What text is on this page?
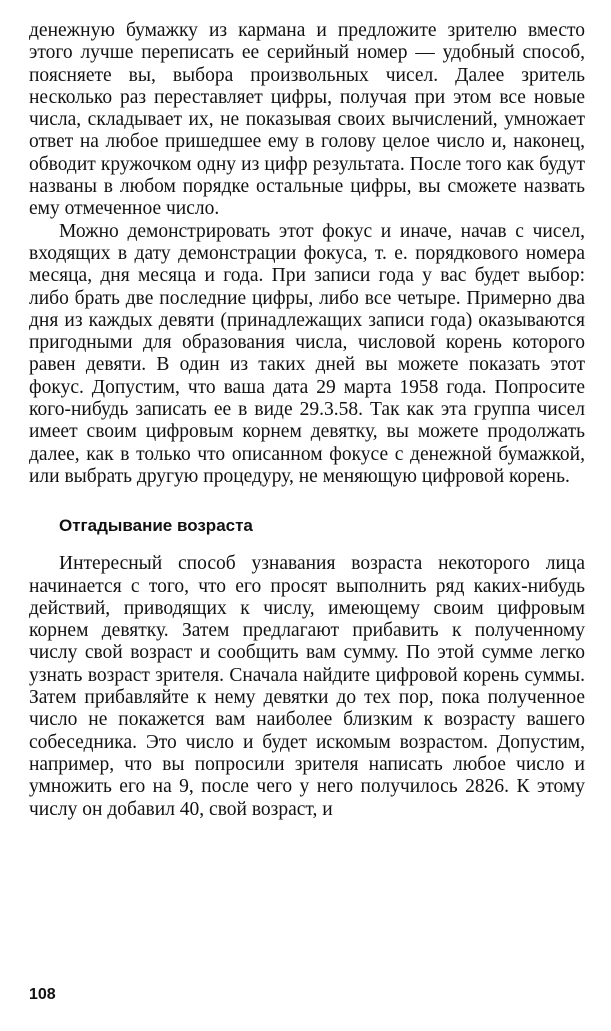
денежную бумажку из кармана и предложите зрителю вместо этого лучше переписать ее серийный номер — удобный способ, поясняете вы, выбора произвольных чисел. Далее зритель несколько раз переставляет цифры, получая при этом все новые числа, складывает их, не показывая своих вычислений, умножает ответ на любое пришедшее ему в голову целое число и, наконец, обводит кружочком одну из цифр результата. После того как будут названы в любом порядке остальные цифры, вы сможете назвать ему отмеченное число.

Можно демонстрировать этот фокус и иначе, начав с чисел, входящих в дату демонстрации фокуса, т. е. порядкового номера месяца, дня месяца и года. При записи года у вас будет выбор: либо брать две последние цифры, либо все четыре. Примерно два дня из каждых девяти (принадлежащих записи года) оказываются пригодными для образования числа, числовой корень которого равен девяти. В один из таких дней вы можете показать этот фокус. Допустим, что ваша дата 29 марта 1958 года. Попросите кого-нибудь записать ее в виде 29.3.58. Так как эта группа чисел имеет своим цифровым корнем девятку, вы можете продолжать далее, как в только что описанном фокусе с денежной бумажкой, или выбрать другую процедуру, не меняющую цифровой корень.

Отгадывание возраста

Интересный способ узнавания возраста некоторого лица начинается с того, что его просят выполнить ряд каких-нибудь действий, приводящих к числу, имеющему своим цифровым корнем девятку. Затем предлагают прибавить к полученному числу свой возраст и сообщить вам сумму. По этой сумме легко узнать возраст зрителя. Сначала найдите цифровой корень суммы. Затем прибавляйте к нему девятки до тех пор, пока полученное число не покажется вам наиболее близким к возрасту вашего собеседника. Это число и будет искомым возрастом. Допустим, например, что вы попросили зрителя написать любое число и умножить его на 9, после чего у него получилось 2826. К этому числу он добавил 40, свой возраст, и

108
